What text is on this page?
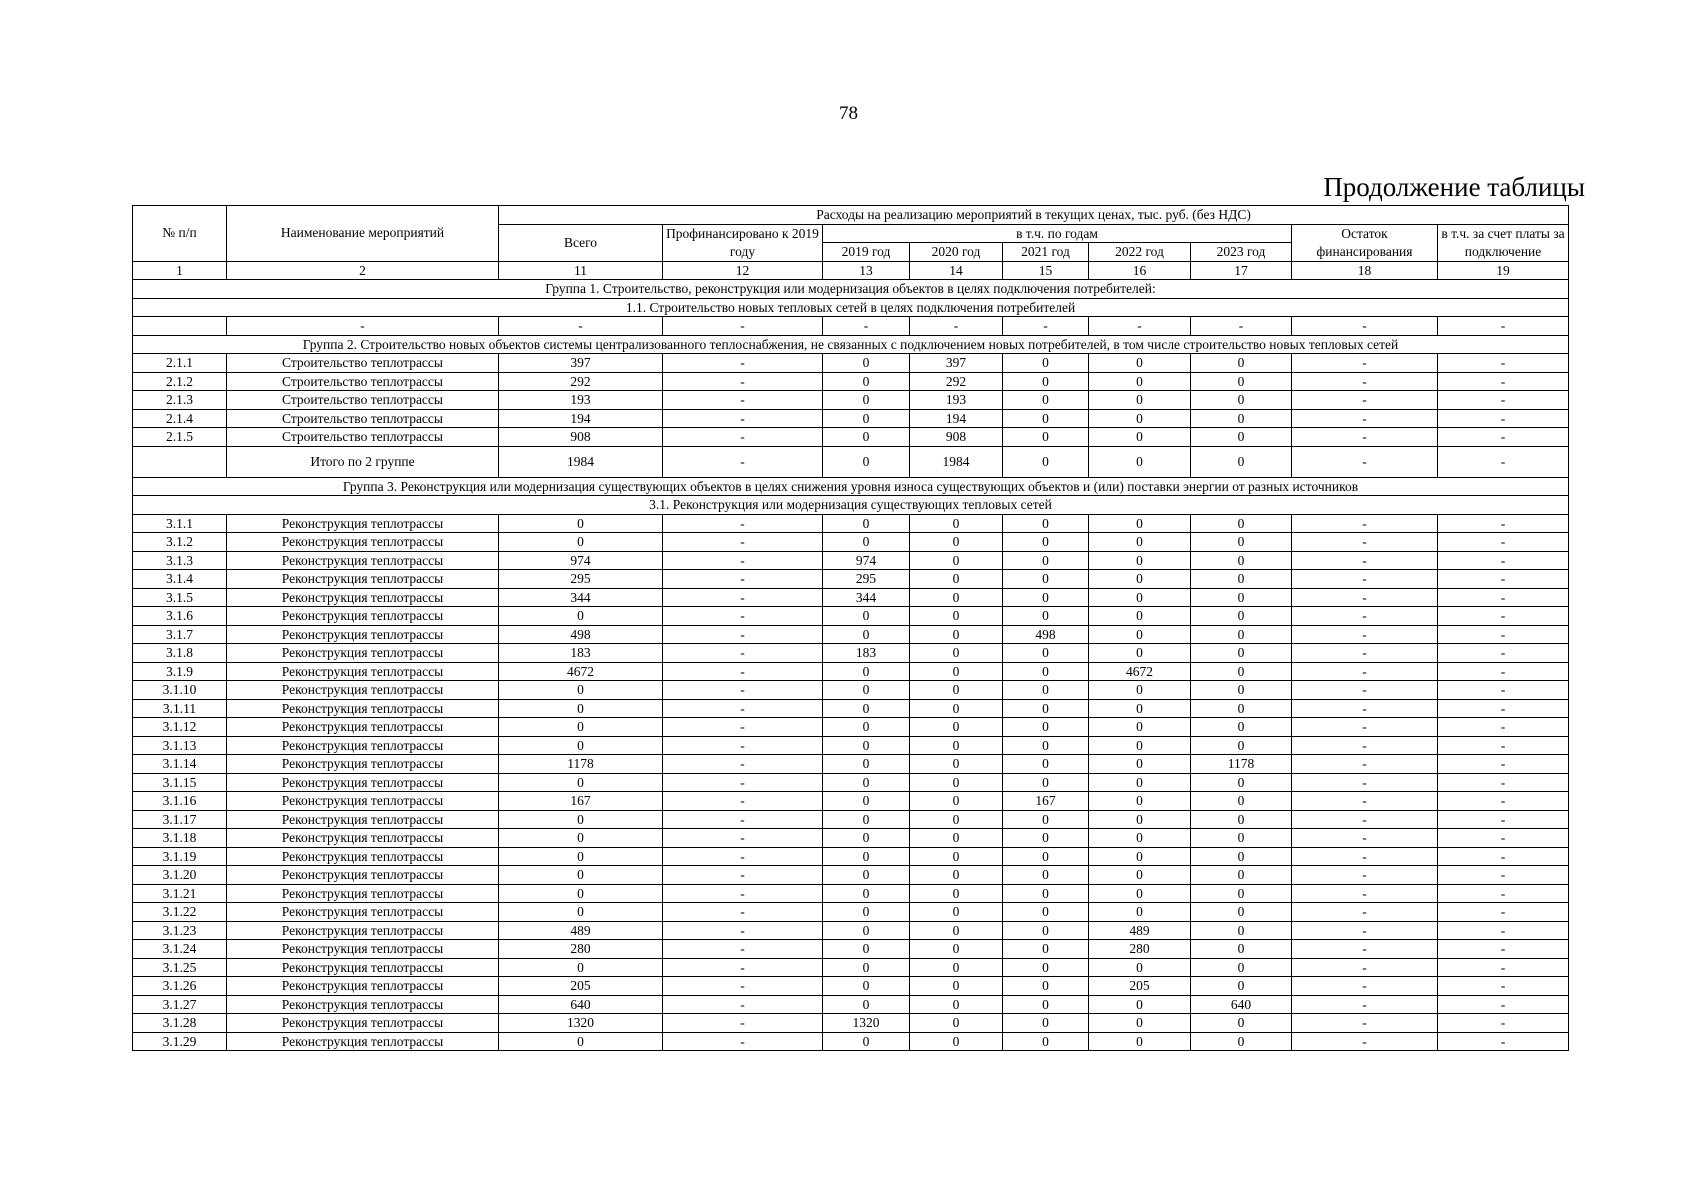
78
Продолжение таблицы
№ п/п	Наименование мероприятий	Расходы на реализацию мероприятий в текущих ценах, тыс. руб. (без НДС)								
		Всего	Профинансировано к 2019 году	в т.ч. по годам					Остаток финансирования	в т.ч. за счет платы за подключение
				2019 год	2020 год	2021 год	2022 год	2023 год		
1	2	11	12	13	14	15	16	17	18	19
Группа 1. Строительство, реконструкция или модернизация объектов в целях подключения потребителей:										
1.1. Строительство новых тепловых сетей в целях подключения потребителей										
	-	-	-	-	-	-	-	-	-	-
Группа 2. Строительство новых объектов системы централизованного теплоснабжения, не связанных с подключением новых потребителей, в том числе строительство новых тепловых сетей										
2.1.1	Строительство теплотрассы	397	-	0	397	0	0	0	-	-
2.1.2	Строительство теплотрассы	292	-	0	292	0	0	0	-	-
2.1.3	Строительство теплотрассы	193	-	0	193	0	0	0	-	-
2.1.4	Строительство теплотрассы	194	-	0	194	0	0	0	-	-
2.1.5	Строительство теплотрассы	908	-	0	908	0	0	0	-	-
	Итого по 2 группе	1984	-	0	1984	0	0	0	-	-
Группа 3. Реконструкция или модернизация существующих объектов в целях снижения уровня износа существующих объектов и (или) поставки энергии от разных источников										
3.1. Реконструкция или модернизация существующих тепловых сетей										
3.1.1	Реконструкция теплотрассы	0	-	0	0	0	0	0	-	-
3.1.2	Реконструкция теплотрассы	0	-	0	0	0	0	0	-	-
3.1.3	Реконструкция теплотрассы	974	-	974	0	0	0	0	-	-
3.1.4	Реконструкция теплотрассы	295	-	295	0	0	0	0	-	-
3.1.5	Реконструкция теплотрассы	344	-	344	0	0	0	0	-	-
3.1.6	Реконструкция теплотрассы	0	-	0	0	0	0	0	-	-
3.1.7	Реконструкция теплотрассы	498	-	0	0	498	0	0	-	-
3.1.8	Реконструкция теплотрассы	183	-	183	0	0	0	0	-	-
3.1.9	Реконструкция теплотрассы	4672	-	0	0	0	4672	0	-	-
3.1.10	Реконструкция теплотрассы	0	-	0	0	0	0	0	-	-
3.1.11	Реконструкция теплотрассы	0	-	0	0	0	0	0	-	-
3.1.12	Реконструкция теплотрассы	0	-	0	0	0	0	0	-	-
3.1.13	Реконструкция теплотрассы	0	-	0	0	0	0	0	-	-
3.1.14	Реконструкция теплотрассы	1178	-	0	0	0	0	1178	-	-
3.1.15	Реконструкция теплотрассы	0	-	0	0	0	0	0	-	-
3.1.16	Реконструкция теплотрассы	167	-	0	0	167	0	0	-	-
3.1.17	Реконструкция теплотрассы	0	-	0	0	0	0	0	-	-
3.1.18	Реконструкция теплотрассы	0	-	0	0	0	0	0	-	-
3.1.19	Реконструкция теплотрассы	0	-	0	0	0	0	0	-	-
3.1.20	Реконструкция теплотрассы	0	-	0	0	0	0	0	-	-
3.1.21	Реконструкция теплотрассы	0	-	0	0	0	0	0	-	-
3.1.22	Реконструкция теплотрассы	0	-	0	0	0	0	0	-	-
3.1.23	Реконструкция теплотрассы	489	-	0	0	0	489	0	-	-
3.1.24	Реконструкция теплотрассы	280	-	0	0	0	280	0	-	-
3.1.25	Реконструкция теплотрассы	0	-	0	0	0	0	0	-	-
3.1.26	Реконструкция теплотрассы	205	-	0	0	0	205	0	-	-
3.1.27	Реконструкция теплотрассы	640	-	0	0	0	0	640	-	-
3.1.28	Реконструкция теплотрассы	1320	-	1320	0	0	0	0	-	-
3.1.29	Реконструкция теплотрассы	0	-	0	0	0	0	0	-	-
